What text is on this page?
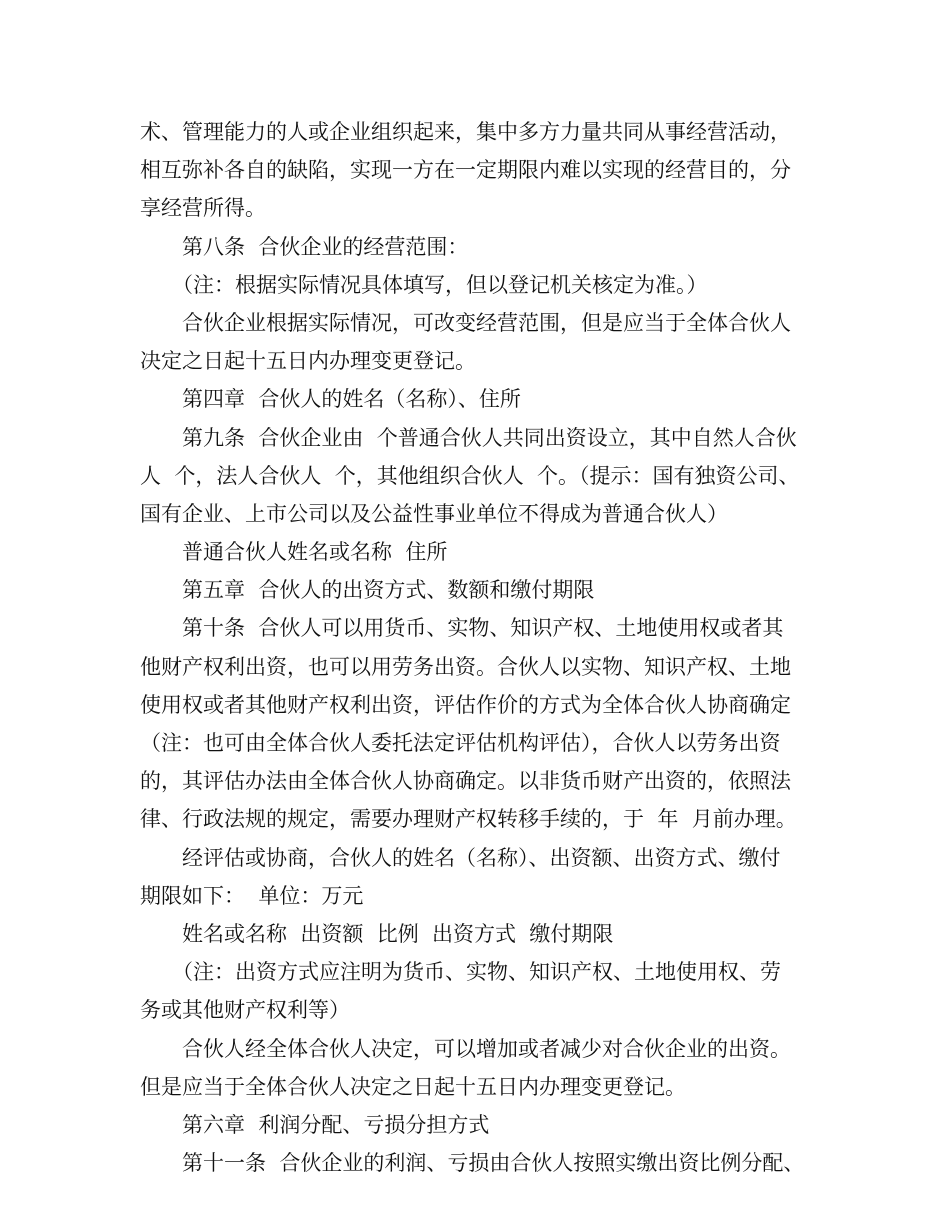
术、管理能力的人或企业组织起来，集中多方力量共同从事经营活动，
相互弥补各自的缺陷，实现一方在一定期限内难以实现的经营目的，分
享经营所得。
第八条  合伙企业的经营范围：
（注：根据实际情况具体填写，但以登记机关核定为准。）
合伙企业根据实际情况，可改变经营范围，但是应当于全体合伙人
决定之日起十五日内办理变更登记。
第四章  合伙人的姓名（名称）、住所
第九条  合伙企业由  个普通合伙人共同出资设立，其中自然人合伙
人  个，法人合伙人  个，其他组织合伙人  个。（提示：国有独资公司、
国有企业、上市公司以及公益性事业单位不得成为普通合伙人）
普通合伙人姓名或名称  住所
第五章  合伙人的出资方式、数额和缴付期限
第十条  合伙人可以用货币、实物、知识产权、土地使用权或者其
他财产权利出资，也可以用劳务出资。合伙人以实物、知识产权、土地
使用权或者其他财产权利出资，评估作价的方式为全体合伙人协商确定
（注：也可由全体合伙人委托法定评估机构评估），合伙人以劳务出资
的，其评估办法由全体合伙人协商确定。以非货币财产出资的，依照法
律、行政法规的规定，需要办理财产权转移手续的，于  年  月前办理。
经评估或协商，合伙人的姓名（名称）、出资额、出资方式、缴付
期限如下：  单位：万元
姓名或名称  出资额  比例  出资方式  缴付期限
（注：出资方式应注明为货币、实物、知识产权、土地使用权、劳
务或其他财产权利等）
合伙人经全体合伙人决定，可以增加或者减少对合伙企业的出资。
但是应当于全体合伙人决定之日起十五日内办理变更登记。
第六章  利润分配、亏损分担方式
第十一条  合伙企业的利润、亏损由合伙人按照实缴出资比例分配、
